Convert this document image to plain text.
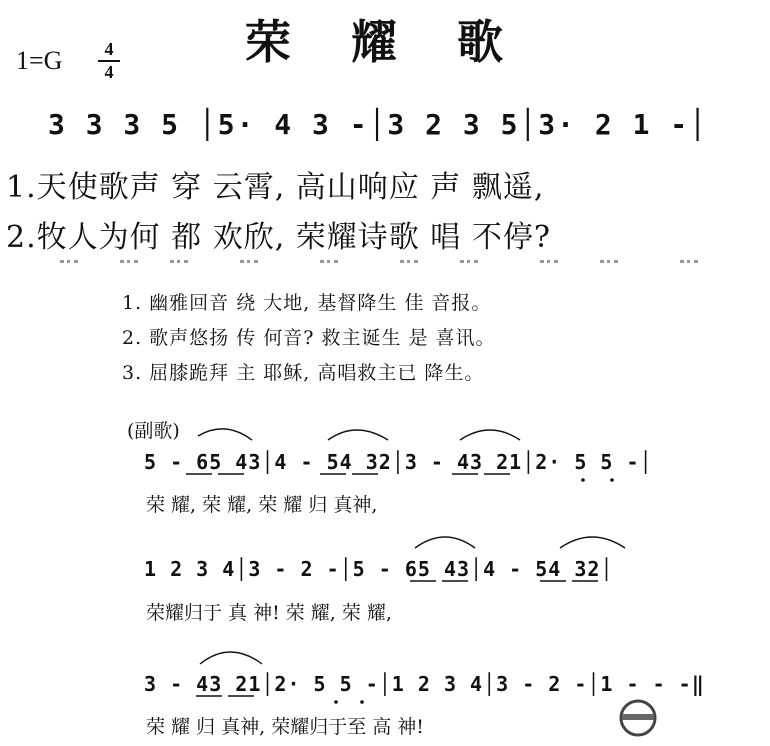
荣 耀 歌
1=G	4
4
3 3 3 5 │5· 4 3 -│3 2 3 5│3· 2 1 -│
1.天使歌声 穿 云霄, 高山响应 声 飘遥,
2.牧人为何 都 欢欣, 荣耀诗歌 唱 不停?
1. 幽雅回音 绕 大地, 基督降生 佳 音报。
2. 歌声悠扬 传 何音? 救主诞生 是 喜讯。
3. 屈膝跪拜 主 耶稣, 高唱救主已 降生。
(副歌)
5 - 65 43│4 - 54 32│3 - 43 21│2· 5 5 -│
荣 耀, 荣 耀, 荣 耀 归 真神,
1 2 3 4│3 - 2 -│5 - 65 43│4 - 54 32│
荣耀归于 真 神! 荣 耀, 荣 耀,
3 - 43 21│2· 5 5 -│1 2 3 4│3 - 2 -│1 - - -‖
荣 耀 归 真神, 荣耀归于至 高 神!
